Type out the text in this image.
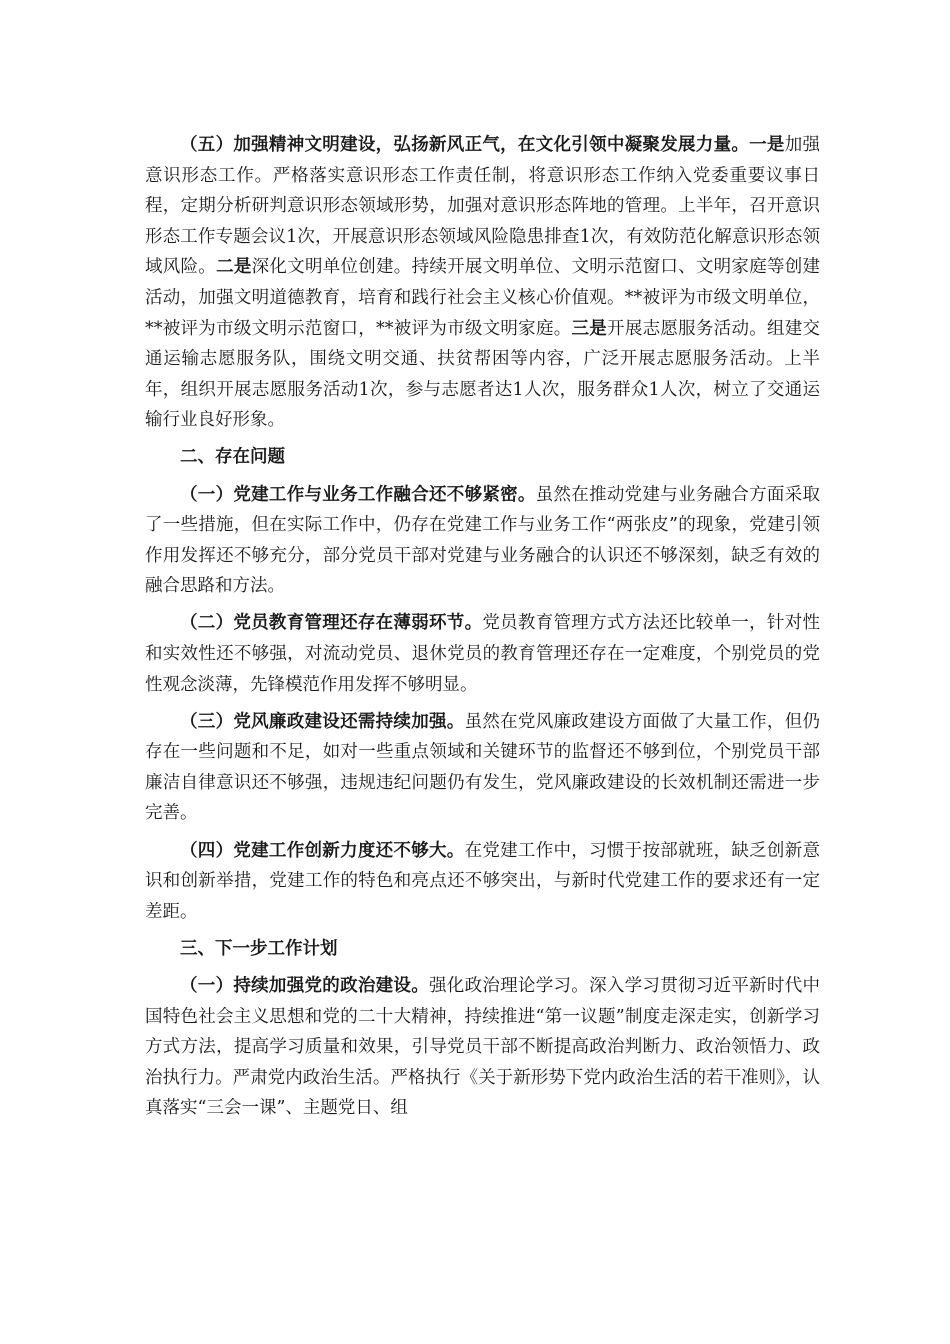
（五）加强精神文明建设，弘扬新风正气，在文化引领中凝聚发展力量。一是加强意识形态工作。严格落实意识形态工作责任制，将意识形态工作纳入党委重要议事日程，定期分析研判意识形态领域形势，加强对意识形态阵地的管理。上半年，召开意识形态工作专题会议1次，开展意识形态领域风险隐患排查1次，有效防范化解意识形态领域风险。二是深化文明单位创建。持续开展文明单位、文明示范窗口、文明家庭等创建活动，加强文明道德教育，培育和践行社会主义核心价值观。**被评为市级文明单位，**被评为市级文明示范窗口，**被评为市级文明家庭。三是开展志愿服务活动。组建交通运输志愿服务队，围绕文明交通、扶贫帮困等内容，广泛开展志愿服务活动。上半年，组织开展志愿服务活动1次，参与志愿者达1人次，服务群众1人次，树立了交通运输行业良好形象。

二、存在问题

（一）党建工作与业务工作融合还不够紧密。虽然在推动党建与业务融合方面采取了一些措施，但在实际工作中，仍存在党建工作与业务工作“两张皮”的现象，党建引领作用发挥还不够充分，部分党员干部对党建与业务融合的认识还不够深刻，缺乏有效的融合思路和方法。

（二）党员教育管理还存在薄弱环节。党员教育管理方式方法还比较单一，针对性和实效性还不够强，对流动党员、退休党员的教育管理还存在一定难度，个别党员的党性观念淡薄，先锋模范作用发挥不够明显。

（三）党风廉政建设还需持续加强。虽然在党风廉政建设方面做了大量工作，但仍存在一些问题和不足，如对一些重点领域和关键环节的监督还不够到位，个别党员干部廉洁自律意识还不够强，违规违纪问题仍有发生，党风廉政建设的长效机制还需进一步完善。

（四）党建工作创新力度还不够大。在党建工作中，习惯于按部就班，缺乏创新意识和创新举措，党建工作的特色和亮点还不够突出，与新时代党建工作的要求还有一定差距。

三、下一步工作计划

（一）持续加强党的政治建设。强化政治理论学习。深入学习贯彻习近平新时代中国特色社会主义思想和党的二十大精神，持续推进“第一议题”制度走深走实，创新学习方式方法，提高学习质量和效果，引导党员干部不断提高政治判断力、政治领悟力、政治执行力。严肃党内政治生活。严格执行《关于新形势下党内政治生活的若干准则》，认真落实“三会一课”、主题党日、组
